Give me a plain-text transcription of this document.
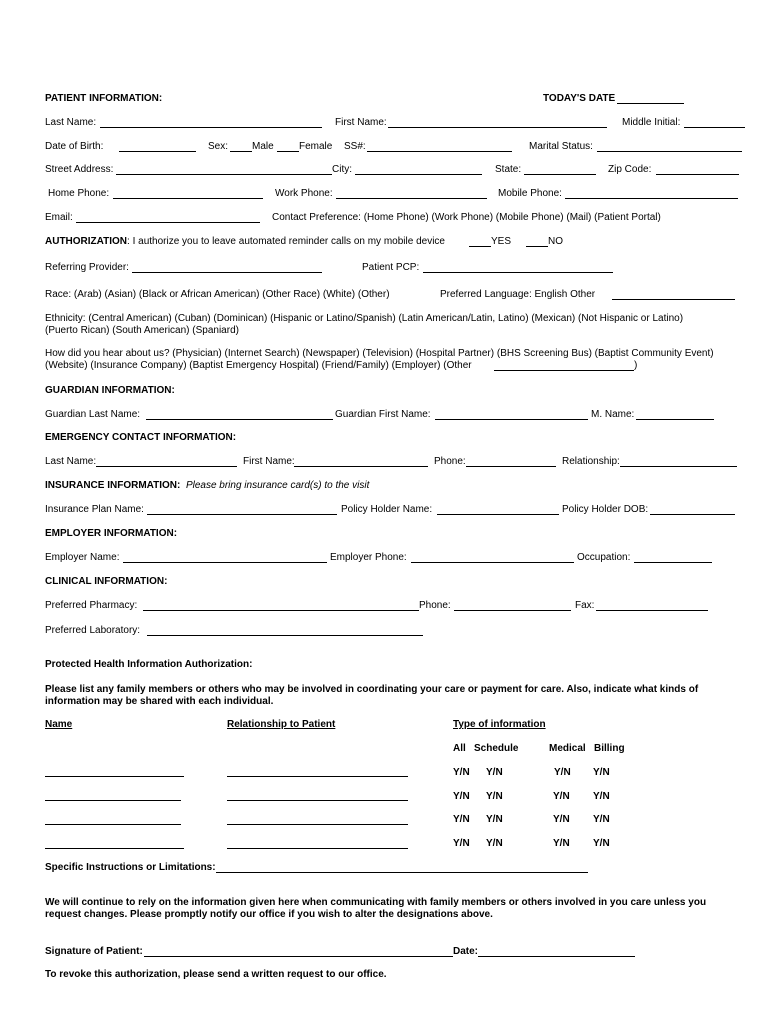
PATIENT INFORMATION:	TODAY'S DATE
Last Name:	First Name:	Middle Initial:
Date of Birth:	Sex: Male	Female SS#:	Marital Status:
Street Address:	City:	State:	Zip Code:
Home Phone:	Work Phone:	Mobile Phone:
Email:	Contact Preference: (Home Phone) (Work Phone) (Mobile Phone) (Mail) (Patient Portal)
AUTHORIZATION: I authorize you to leave automated reminder calls on my mobile device	YES	NO
Referring Provider:	Patient PCP:
Race: (Arab) (Asian) (Black or African American) (Other Race) (White) (Other)	Preferred Language: English Other
Ethnicity: (Central American) (Cuban) (Dominican) (Hispanic or Latino/Spanish) (Latin American/Latin, Latino) (Mexican) (Not Hispanic or Latino)
(Puerto Rican) (South American) (Spaniard)
How did you hear about us? (Physician) (Internet Search) (Newspaper) (Television) (Hospital Partner) (BHS Screening Bus) (Baptist Community Event)
(Website) (Insurance Company) (Baptist Emergency Hospital) (Friend/Family) (Employer) (Other	)
GUARDIAN INFORMATION:
Guardian Last Name:	Guardian First Name:	M. Name:
EMERGENCY CONTACT INFORMATION:
Last Name:	First Name:	Phone:	Relationship:
INSURANCE INFORMATION: Please bring insurance card(s) to the visit
Insurance Plan Name:	Policy Holder Name:	Policy Holder DOB:
EMPLOYER INFORMATION:
Employer Name:	Employer Phone:	Occupation:
CLINICAL INFORMATION:
Preferred Pharmacy:	Phone:	Fax:
Preferred Laboratory:
Protected Health Information Authorization:
Please list any family members or others who may be involved in coordinating your care or payment for care. Also, indicate what kinds of information may be shared with each individual.
Name	Relationship to Patient	Type of information
All Schedule	Medical Billing
Y/N Y/N	Y/N Y/N
Y/N Y/N	Y/N Y/N
Y/N Y/N	Y/N Y/N
Y/N Y/N	Y/N Y/N
Specific Instructions or Limitations:
We will continue to rely on the information given here when communicating with family members or others involved in you care unless you request changes. Please promptly notify our office if you wish to alter the designations above.
Signature of Patient:	Date:
To revoke this authorization, please send a written request to our office.
